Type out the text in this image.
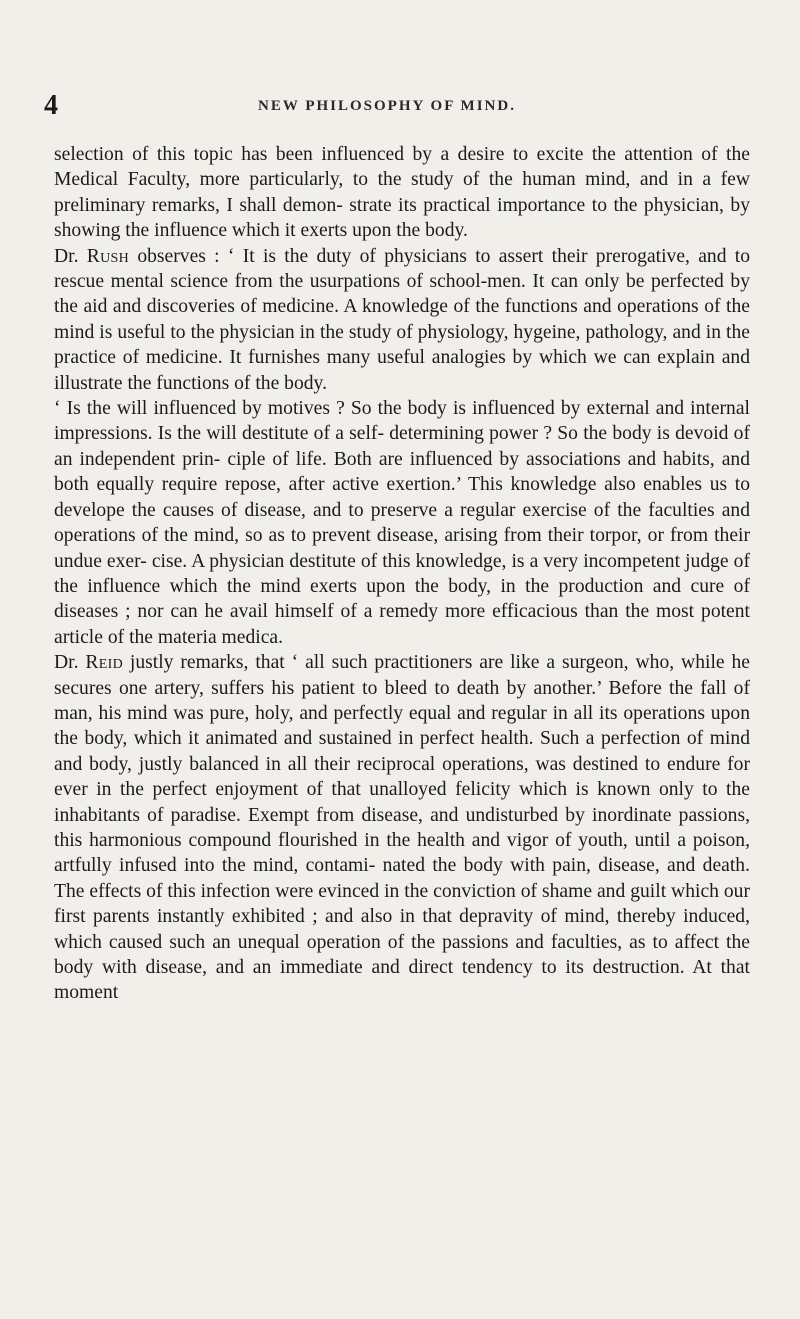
4	NEW PHILOSOPHY OF MIND.

selection of this topic has been influenced by a desire to excite the attention of the Medical Faculty, more particularly, to the study of the human mind, and in a few preliminary remarks, I shall demon- strate its practical importance to the physician, by showing the influence which it exerts upon the body.

Dr. Rush observes : ‘ It is the duty of physicians to assert their prerogative, and to rescue mental science from the usurpations of school-men. It can only be perfected by the aid and discoveries of medicine. A knowledge of the functions and operations of the mind is useful to the physician in the study of physiology, hygeine, pathology, and in the practice of medicine. It furnishes many useful analogies by which we can explain and illustrate the functions of the body.

‘ Is the will influenced by motives ? So the body is influenced by external and internal impressions. Is the will destitute of a self- determining power ? So the body is devoid of an independent prin- ciple of life. Both are influenced by associations and habits, and both equally require repose, after active exertion.’ This knowledge also enables us to develope the causes of disease, and to preserve a regular exercise of the faculties and operations of the mind, so as to prevent disease, arising from their torpor, or from their undue exer- cise. A physician destitute of this knowledge, is a very incompetent judge of the influence which the mind exerts upon the body, in the production and cure of diseases ; nor can he avail himself of a remedy more efficacious than the most potent article of the materia medica.

Dr. Reid justly remarks, that ‘ all such practitioners are like a surgeon, who, while he secures one artery, suffers his patient to bleed to death by another.’ Before the fall of man, his mind was pure, holy, and perfectly equal and regular in all its operations upon the body, which it animated and sustained in perfect health. Such a perfection of mind and body, justly balanced in all their reciprocal operations, was destined to endure for ever in the perfect enjoyment of that unalloyed felicity which is known only to the inhabitants of paradise. Exempt from disease, and undisturbed by inordinate passions, this harmonious compound flourished in the health and vigor of youth, until a poison, artfully infused into the mind, contami- nated the body with pain, disease, and death. The effects of this infection were evinced in the conviction of shame and guilt which our first parents instantly exhibited ; and also in that depravity of mind, thereby induced, which caused such an unequal operation of the passions and faculties, as to affect the body with disease, and an immediate and direct tendency to its destruction. At that moment
